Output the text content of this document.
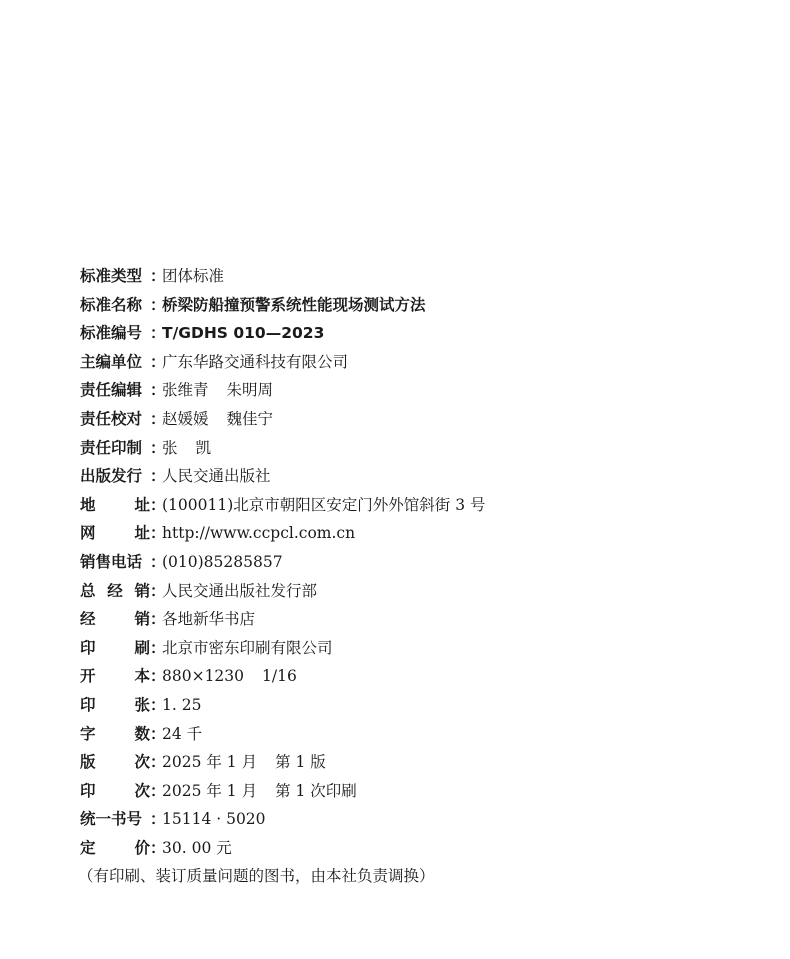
标准类型 ：
团体标准
标准名称 ：
桥梁防船撞预警系统性能现场测试方法
标准编号 ：
T/GDHS 010—2023
主编单位 ：
广东华路交通科技有限公司
责任编辑 ：
张维青 朱明周
责任校对 ：
赵媛媛 魏佳宁
责任印制 ：
张 凯
出版发行 ：
人民交通出版社
地	址 ：
(100011)北京市朝阳区安定门外外馆斜街 3 号
网	址 ：
http://www.ccpcl.com.cn
销售电话 ：
(010)85285857
总 经 销 ：
人民交通出版社发行部
经	销 ：
各地新华书店
印	刷 ：
北京市密东印刷有限公司
开	本 ：
880×1230 1/16
印	张 ：
1. 25
字	数 ：
24 千
版	次 ：
2025 年 1 月 第 1 版
印	次 ：
2025 年 1 月 第 1 次印刷
统一书号 ：
15114 · 5020
定	价 ：
30. 00 元
（有印刷、装订质量问题的图书，由本社负责调换）
